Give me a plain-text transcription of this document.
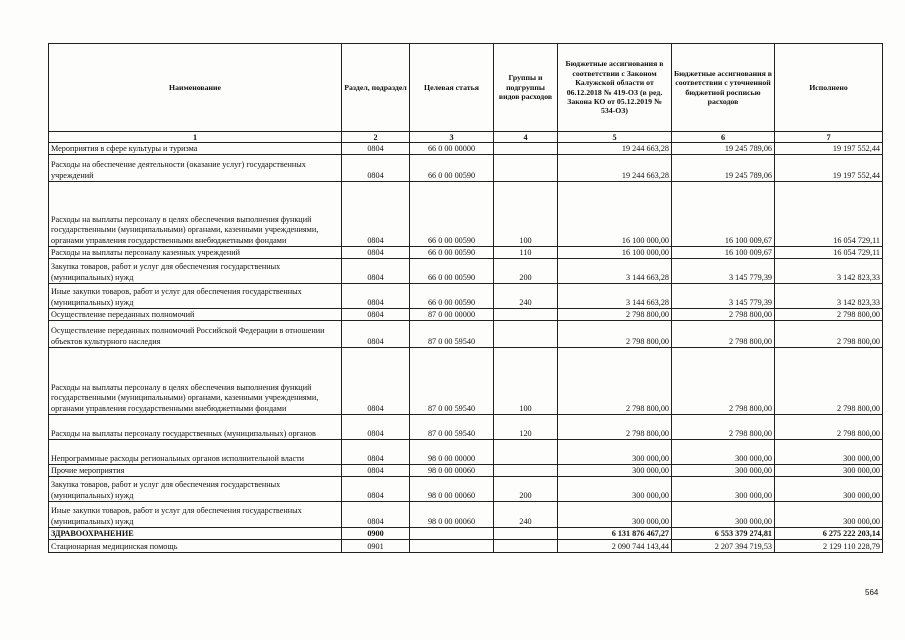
Наименование	Раздел, подраздел	Целевая статья	Группы и подгруппы видов расходов	Бюджетные ассигнования в соответствии с Законом Калужской области от 06.12.2018 № 419-ОЗ (в ред. Закона КО от 05.12.2019 № 534-ОЗ)	Бюджетные ассигнования в соответствии с уточненной бюджетной росписью расходов	Исполнено
1	2	3	4	5	6	7
Мероприятия в сфере культуры и туризма	0804	66 0 00 00000		19 244 663,28	19 245 789,06	19 197 552,44
Расходы на обеспечение деятельности (оказание услуг) государственных учреждений	0804	66 0 00 00590		19 244 663,28	19 245 789,06	19 197 552,44
Расходы на выплаты персоналу в целях обеспечения выполнения функций государственными (муниципальными) органами, казенными учреждениями, органами управления государственными внебюджетными фондами	0804	66 0 00 00590	100	16 100 000,00	16 100 009,67	16 054 729,11
Расходы на выплаты персоналу казенных учреждений	0804	66 0 00 00590	110	16 100 000,00	16 100 009,67	16 054 729,11
Закупка товаров, работ и услуг для обеспечения государственных (муниципальных) нужд	0804	66 0 00 00590	200	3 144 663,28	3 145 779,39	3 142 823,33
Иные закупки товаров, работ и услуг для обеспечения государственных (муниципальных) нужд	0804	66 0 00 00590	240	3 144 663,28	3 145 779,39	3 142 823,33
Осуществление переданных полномочий	0804	87 0 00 00000		2 798 800,00	2 798 800,00	2 798 800,00
Осуществление переданных полномочий Российской Федерации в отношении объектов культурного наследия	0804	87 0 00 59540		2 798 800,00	2 798 800,00	2 798 800,00
Расходы на выплаты персоналу в целях обеспечения выполнения функций государственными (муниципальными) органами, казенными учреждениями, органами управления государственными внебюджетными фондами	0804	87 0 00 59540	100	2 798 800,00	2 798 800,00	2 798 800,00
Расходы на выплаты персоналу государственных (муниципальных) органов	0804	87 0 00 59540	120	2 798 800,00	2 798 800,00	2 798 800,00
Непрограммные расходы региональных органов исполнительной власти	0804	98 0 00 00000		300 000,00	300 000,00	300 000,00
Прочие мероприятия	0804	98 0 00 00060		300 000,00	300 000,00	300 000,00
Закупка товаров, работ и услуг для обеспечения государственных (муниципальных) нужд	0804	98 0 00 00060	200	300 000,00	300 000,00	300 000,00
Иные закупки товаров, работ и услуг для обеспечения государственных (муниципальных) нужд	0804	98 0 00 00060	240	300 000,00	300 000,00	300 000,00
ЗДРАВООХРАНЕНИЕ	0900			6 131 876 467,27	6 553 379 274,81	6 275 222 203,14
Стационарная медицинская помощь	0901			2 090 744 143,44	2 207 394 719,53	2 129 110 228,79
564
